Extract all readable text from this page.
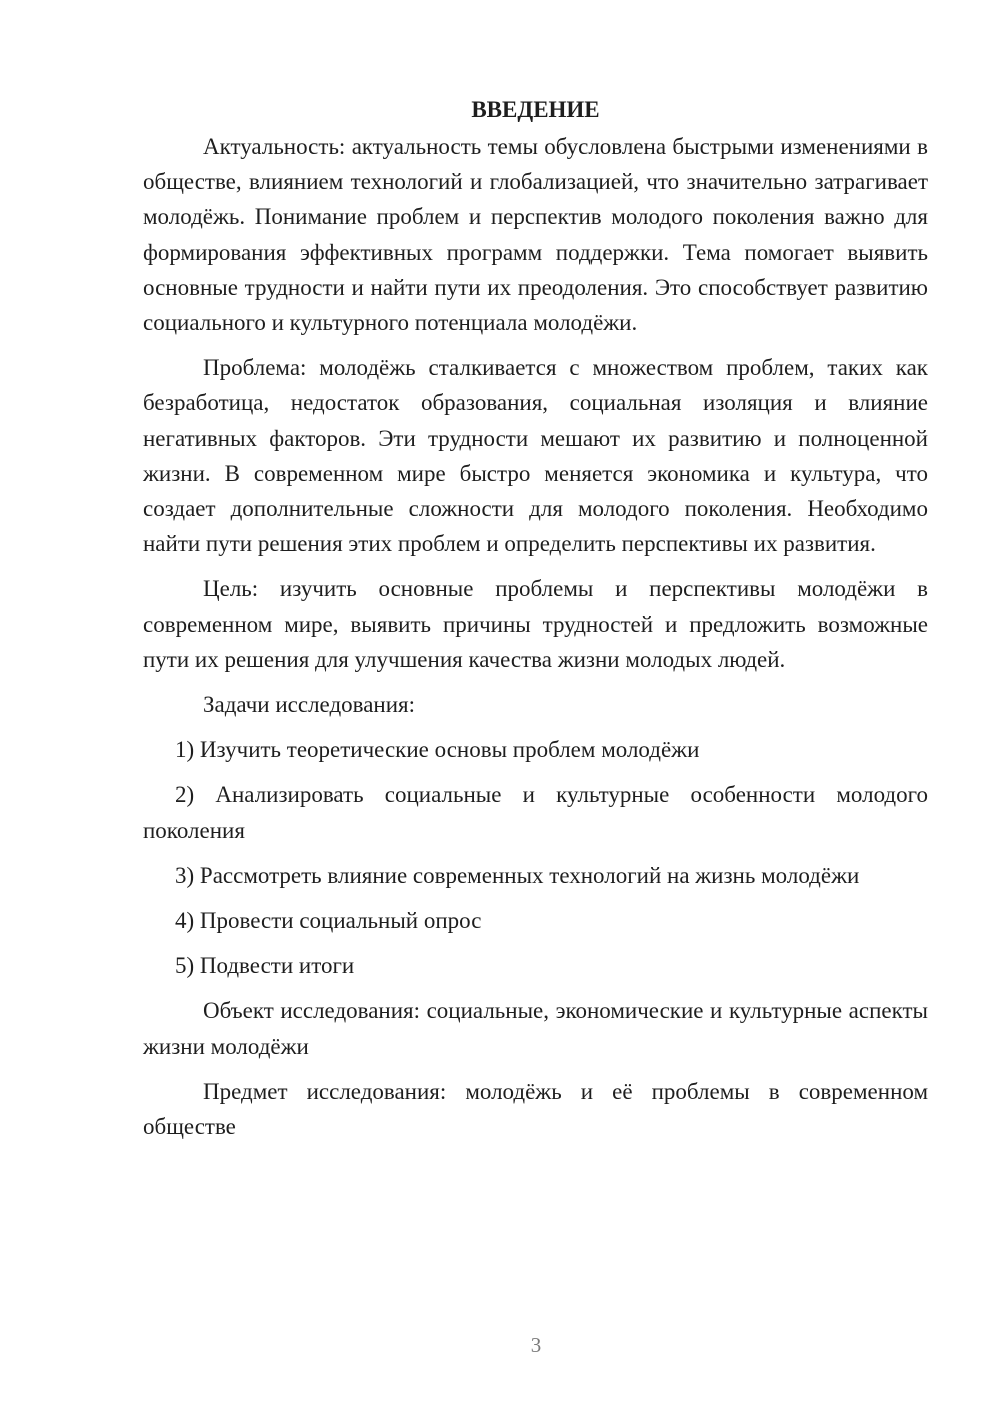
ВВЕДЕНИЕ

Актуальность: актуальность темы обусловлена быстрыми изменениями в обществе, влиянием технологий и глобализацией, что значительно затрагивает молодёжь. Понимание проблем и перспектив молодого поколения важно для формирования эффективных программ поддержки. Тема помогает выявить основные трудности и найти пути их преодоления. Это способствует развитию социального и культурного потенциала молодёжи.

Проблема: молодёжь сталкивается с множеством проблем, таких как безработица, недостаток образования, социальная изоляция и влияние негативных факторов. Эти трудности мешают их развитию и полноценной жизни. В современном мире быстро меняется экономика и культура, что создает дополнительные сложности для молодого поколения. Необходимо найти пути решения этих проблем и определить перспективы их развития.

Цель: изучить основные проблемы и перспективы молодёжи в современном мире, выявить причины трудностей и предложить возможные пути их решения для улучшения качества жизни молодых людей.

Задачи исследования:

1) Изучить теоретические основы проблем молодёжи

2) Анализировать социальные и культурные особенности молодого поколения

3) Рассмотреть влияние современных технологий на жизнь молодёжи

4) Провести социальный опрос

5) Подвести итоги

Объект исследования: социальные, экономические и культурные аспекты жизни молодёжи

Предмет исследования: молодёжь и её проблемы в современном обществе

3
